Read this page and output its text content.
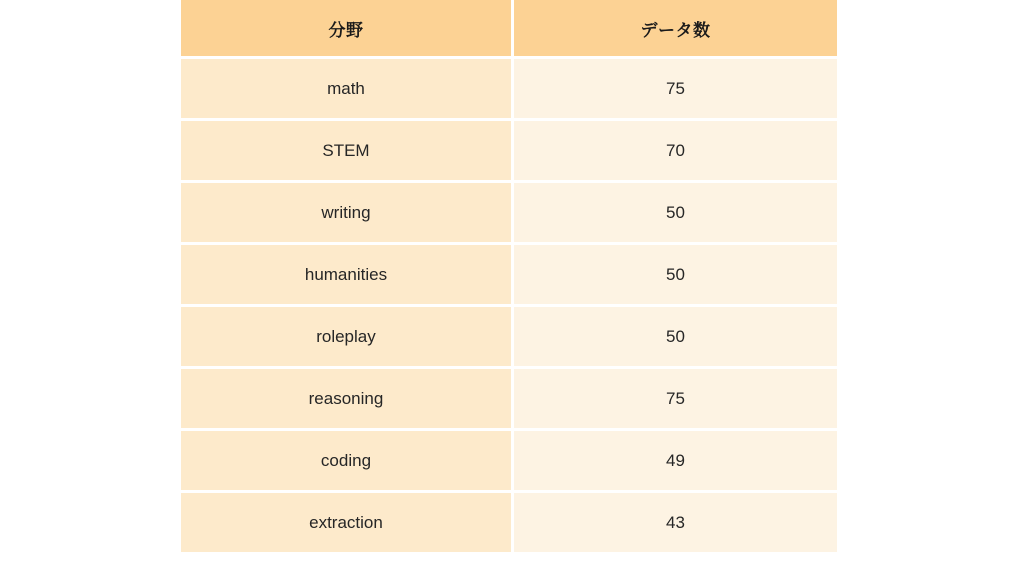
分野	データ数
math	75
STEM	70
writing	50
humanities	50
roleplay	50
reasoning	75
coding	49
extraction	43
